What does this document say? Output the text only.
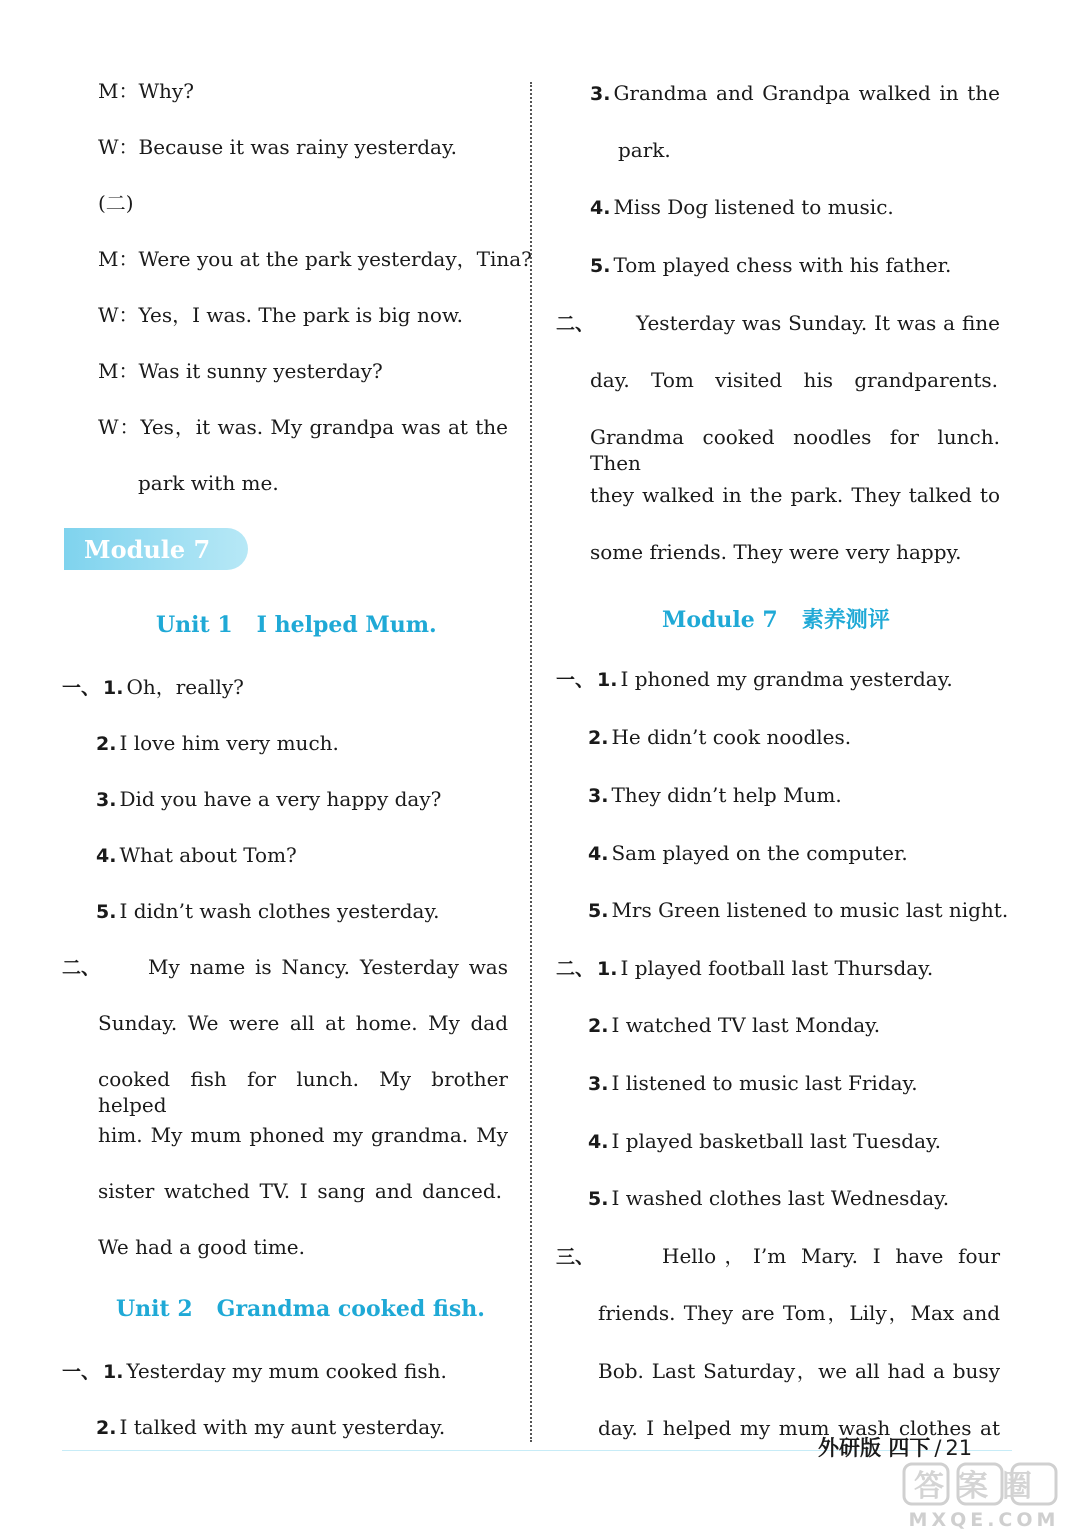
M：Why?
W：Because it was rainy yesterday.
(二)
M：Were you at the park yesterday，Tina?
W：Yes，I was. The park is big now.
M：Was it sunny yesterday?
W：Yes，it was. My grandpa was at the
park with me.
Module 7
Unit 1 I helped Mum.
一、 1. Oh，really?
2. I love him very much.
3. Did you have a very happy day?
4. What about Tom?
5. I didn’t wash clothes yesterday.
二、 My name is Nancy. Yesterday was
Sunday. We were all at home. My dad
cooked fish for lunch. My brother helped
him. My mum phoned my grandma. My
sister watched TV. I sang and danced.
We had a good time.
Unit 2 Grandma cooked fish.
一、 1. Yesterday my mum cooked fish.
2. I talked with my aunt yesterday.
3. Grandma and Grandpa walked in the
park.
4. Miss Dog listened to music.
5. Tom played chess with his father.
二、 Yesterday was Sunday. It was a fine
day. Tom visited his grandparents.
Grandma cooked noodles for lunch. Then
they walked in the park. They talked to
some friends. They were very happy.
Module 7 素养测评
一、 1. I phoned my grandma yesterday.
2. He didn’t cook noodles.
3. They didn’t help Mum.
4. Sam played on the computer.
5. Mrs Green listened to music last night.
二、 1. I played football last Thursday.
2. I watched TV last Monday.
3. I listened to music last Friday.
4. I played basketball last Tuesday.
5. I washed clothes last Wednesday.
三、	Hello，I’m Mary. I have four
friends. They are Tom，Lily，Max and
Bob. Last Saturday，we all had a busy
day. I helped my mum wash clothes at
外研版 四下 / 21
答案圈
MXQE.COM
